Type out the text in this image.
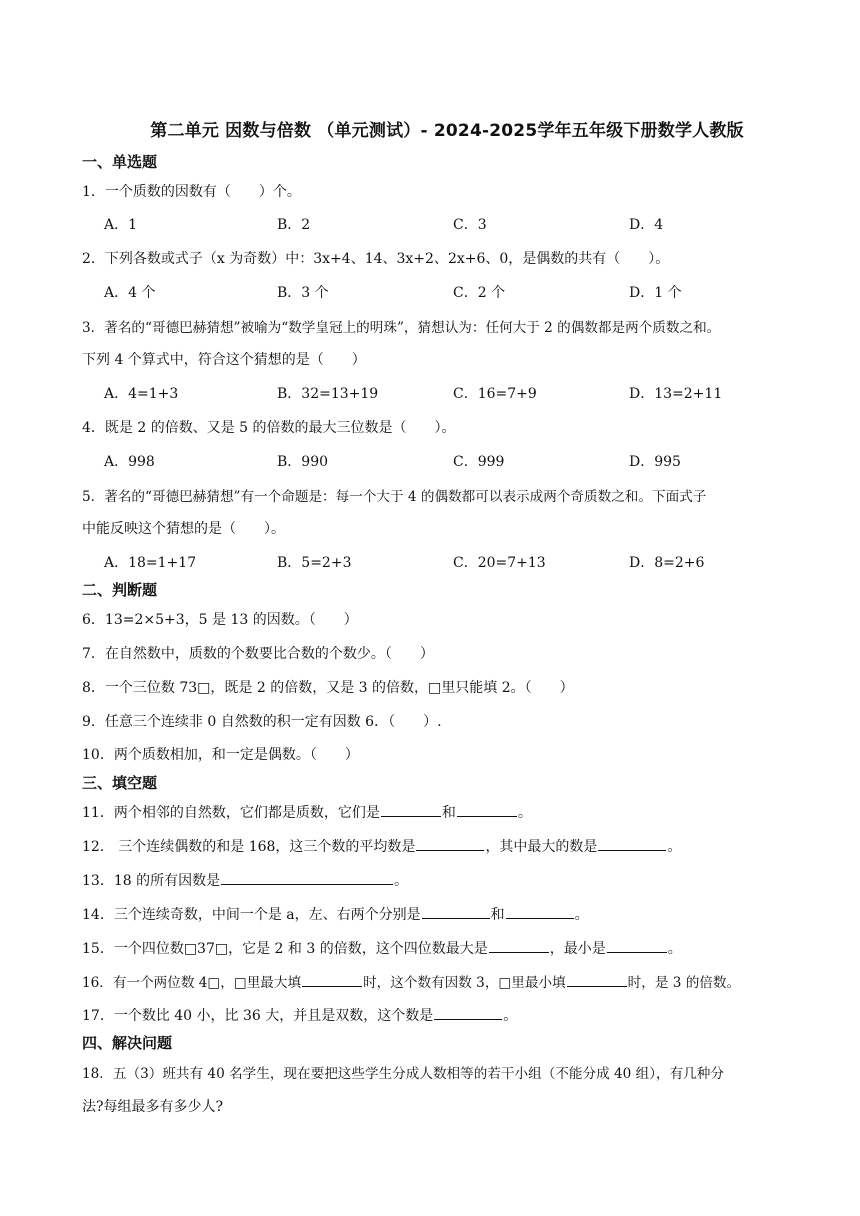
第二单元 因数与倍数 （单元测试）- 2024-2025学年五年级下册数学人教版
一、单选题
1．一个质数的因数有（　　）个。
A．1	B．2	C．3	D．4
2．下列各数或式子（x 为奇数）中：3x+4、14、3x+2、2x+6、0，是偶数的共有（　　）。
A．4 个	B．3 个	C．2 个	D．1 个
3．著名的“哥德巴赫猜想”被喻为“数学皇冠上的明珠”，猜想认为：任何大于 2 的偶数都是两个质数之和。
下列 4 个算式中，符合这个猜想的是（　　）
A．4=1+3	B．32=13+19	C．16=7+9	D．13=2+11
4．既是 2 的倍数、又是 5 的倍数的最大三位数是（　　）。
A．998	B．990	C．999	D．995
5．著名的“哥德巴赫猜想”有一个命题是：每一个大于 4 的偶数都可以表示成两个奇质数之和。下面式子
中能反映这个猜想的是（　　）。
A．18=1+17	B．5=2+3	C．20=7+13	D．8=2+6
二、判断题
6．13=2×5+3，5 是 13 的因数。（　　）
7．在自然数中，质数的个数要比合数的个数少。（　　）
8．一个三位数 73□，既是 2 的倍数，又是 3 的倍数，□里只能填 2。（　　）
9．任意三个连续非 0 自然数的积一定有因数 6．（　　）.
10．两个质数相加，和一定是偶数。（　　）
三、填空题
11．两个相邻的自然数，它们都是质数，它们是	和	。
12． 三个连续偶数的和是 168，这三个数的平均数是	，其中最大的数是	。
13．18 的所有因数是	。
14．三个连续奇数，中间一个是 a，左、右两个分别是	和	。
15．一个四位数□37□，它是 2 和 3 的倍数，这个四位数最大是	，最小是	。
16．有一个两位数 4□，□里最大填	时，这个数有因数 3，□里最小填	时，是 3 的倍数。
17．一个数比 40 小，比 36 大，并且是双数，这个数是	。
四、解决问题
18．五（3）班共有 40 名学生，现在要把这些学生分成人数相等的若干小组（不能分成 40 组），有几种分
法?每组最多有多少人?
